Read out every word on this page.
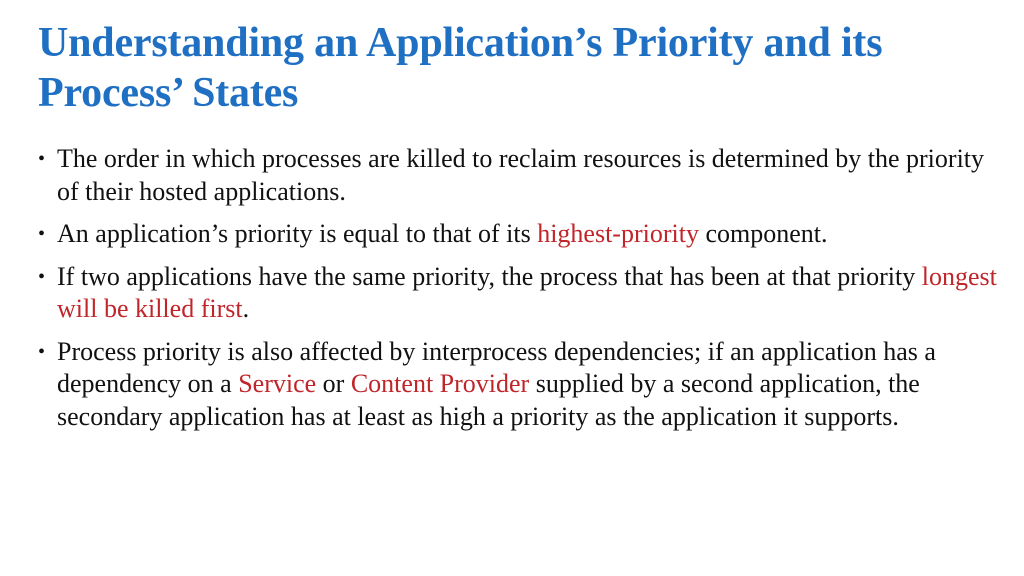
Understanding an Application’s Priority and its Process’ States
• The order in which processes are killed to reclaim resources is determined by the priority of their hosted applications.
• An application’s priority is equal to that of its highest-priority component.
• If two applications have the same priority, the process that has been at that priority longest will be killed first.
• Process priority is also affected by interprocess dependencies; if an application has a dependency on a Service or Content Provider supplied by a second application, the secondary application has at least as high a priority as the application it supports.
